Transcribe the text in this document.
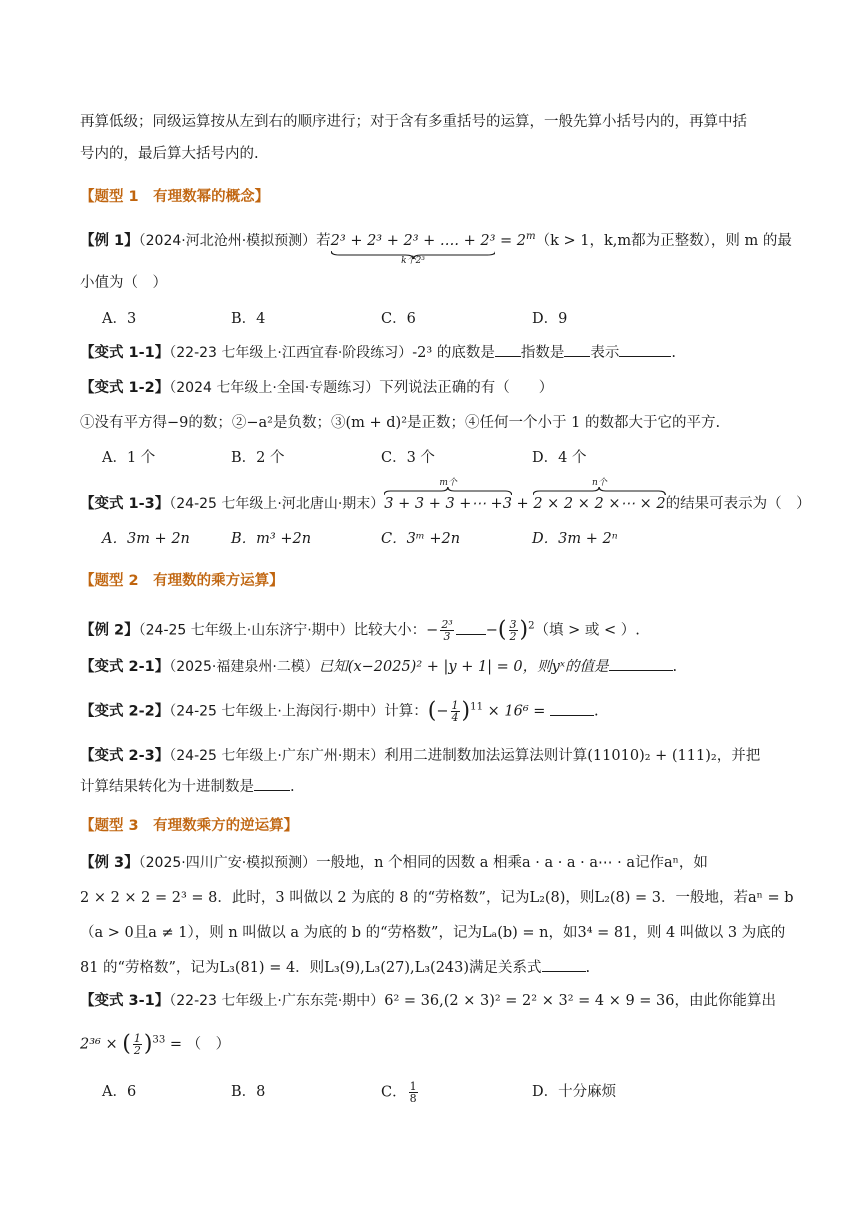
再算低级；同级运算按从左到右的顺序进行；对于含有多重括号的运算，一般先算小括号内的，再算中括
号内的，最后算大括号内的.
【题型 1　有理数幂的概念】
【例 1】（2024·河北沧州·模拟预测）若2³ + 2³ + 2³ + …. + 2³
k个2³
= $2^m(k > 1$，k,m都为正整数），则 m 的最
小值为（　）
A．3	B．4	C．6	D．9
【变式 1-1】（22-23 七年级上·江西宜春·阶段练习）-2³ 的底数是 指数是 表示	.
【变式 1-2】（2024 七年级上·全国·专题练习）下列说法正确的有（　　）
①没有平方得−9的数；②−a²是负数；③(m + d)²是正数；④任何一个小于 1 的数都大于它的平方.
A．1 个	B．2 个	C．3 个	D．4 个
【变式 1-3】（24-25 七年级上·河北唐山·期末）
m个
3 + 3 + 3 +⋯ +3 +
n个
2 × 2 × 2 ×⋯ × 2的结果可表示为（　）
A．3m + 2n	B．m³ +2n	C．3ᵐ +2n	D．3m + 2ⁿ
【题型 2　有理数的乘方运算】
【例 2】（24-25 七年级上·山东济宁·期中）比较大小：− $\frac{\text{2³}}{3}$ −( $\frac{3}{2} )^2$（填 > 或 < ）.
【变式 2-1】（2025·福建泉州·二模）已知(x−2025)² + |y + 1| = 0，则yˣ的值是	.
【变式 2-2】（24-25 七年级上·上海闵行·期中）计算：(− $\frac{1}{4} )^{11} \times 16^6$ =	.
【变式 2-3】（24-25 七年级上·广东广州·期末）利用二进制数加法运算法则计算(11010)₂ + (111)₂，并把
计算结果转化为十进制数是 .
【题型 3　有理数乘方的逆运算】
【例 3】（2025·四川广安·模拟预测）一般地，n 个相同的因数 a 相乘a · a · a · a⋯ · a记作aⁿ，如
2 × 2 × 2 = 2³ = 8．此时，3 叫做以 2 为底的 8 的“劳格数”，记为L₂(8)，则L₂(8) = 3．一般地，若aⁿ = b
（a > 0且a ≠ 1），则 n 叫做以 a 为底的 b 的“劳格数”，记为Lₐ(b) = n，如3⁴ = 81，则 4 叫做以 3 为底的
81 的“劳格数”，记为L₃(81) = 4．则L₃(9),L₃(27),L₃(243)满足关系式	.
【变式 3-1】（22-23 七年级上·广东东莞·期中）6² = 36,(2 × 3)² = 2² × 3² = 4 × 9 = 36，由此你能算出
2³⁶ × ( $\frac{1}{2} )^{33}$ = （　）
A．6	B．8	C． $\frac{1}{8}$	D．十分麻烦
